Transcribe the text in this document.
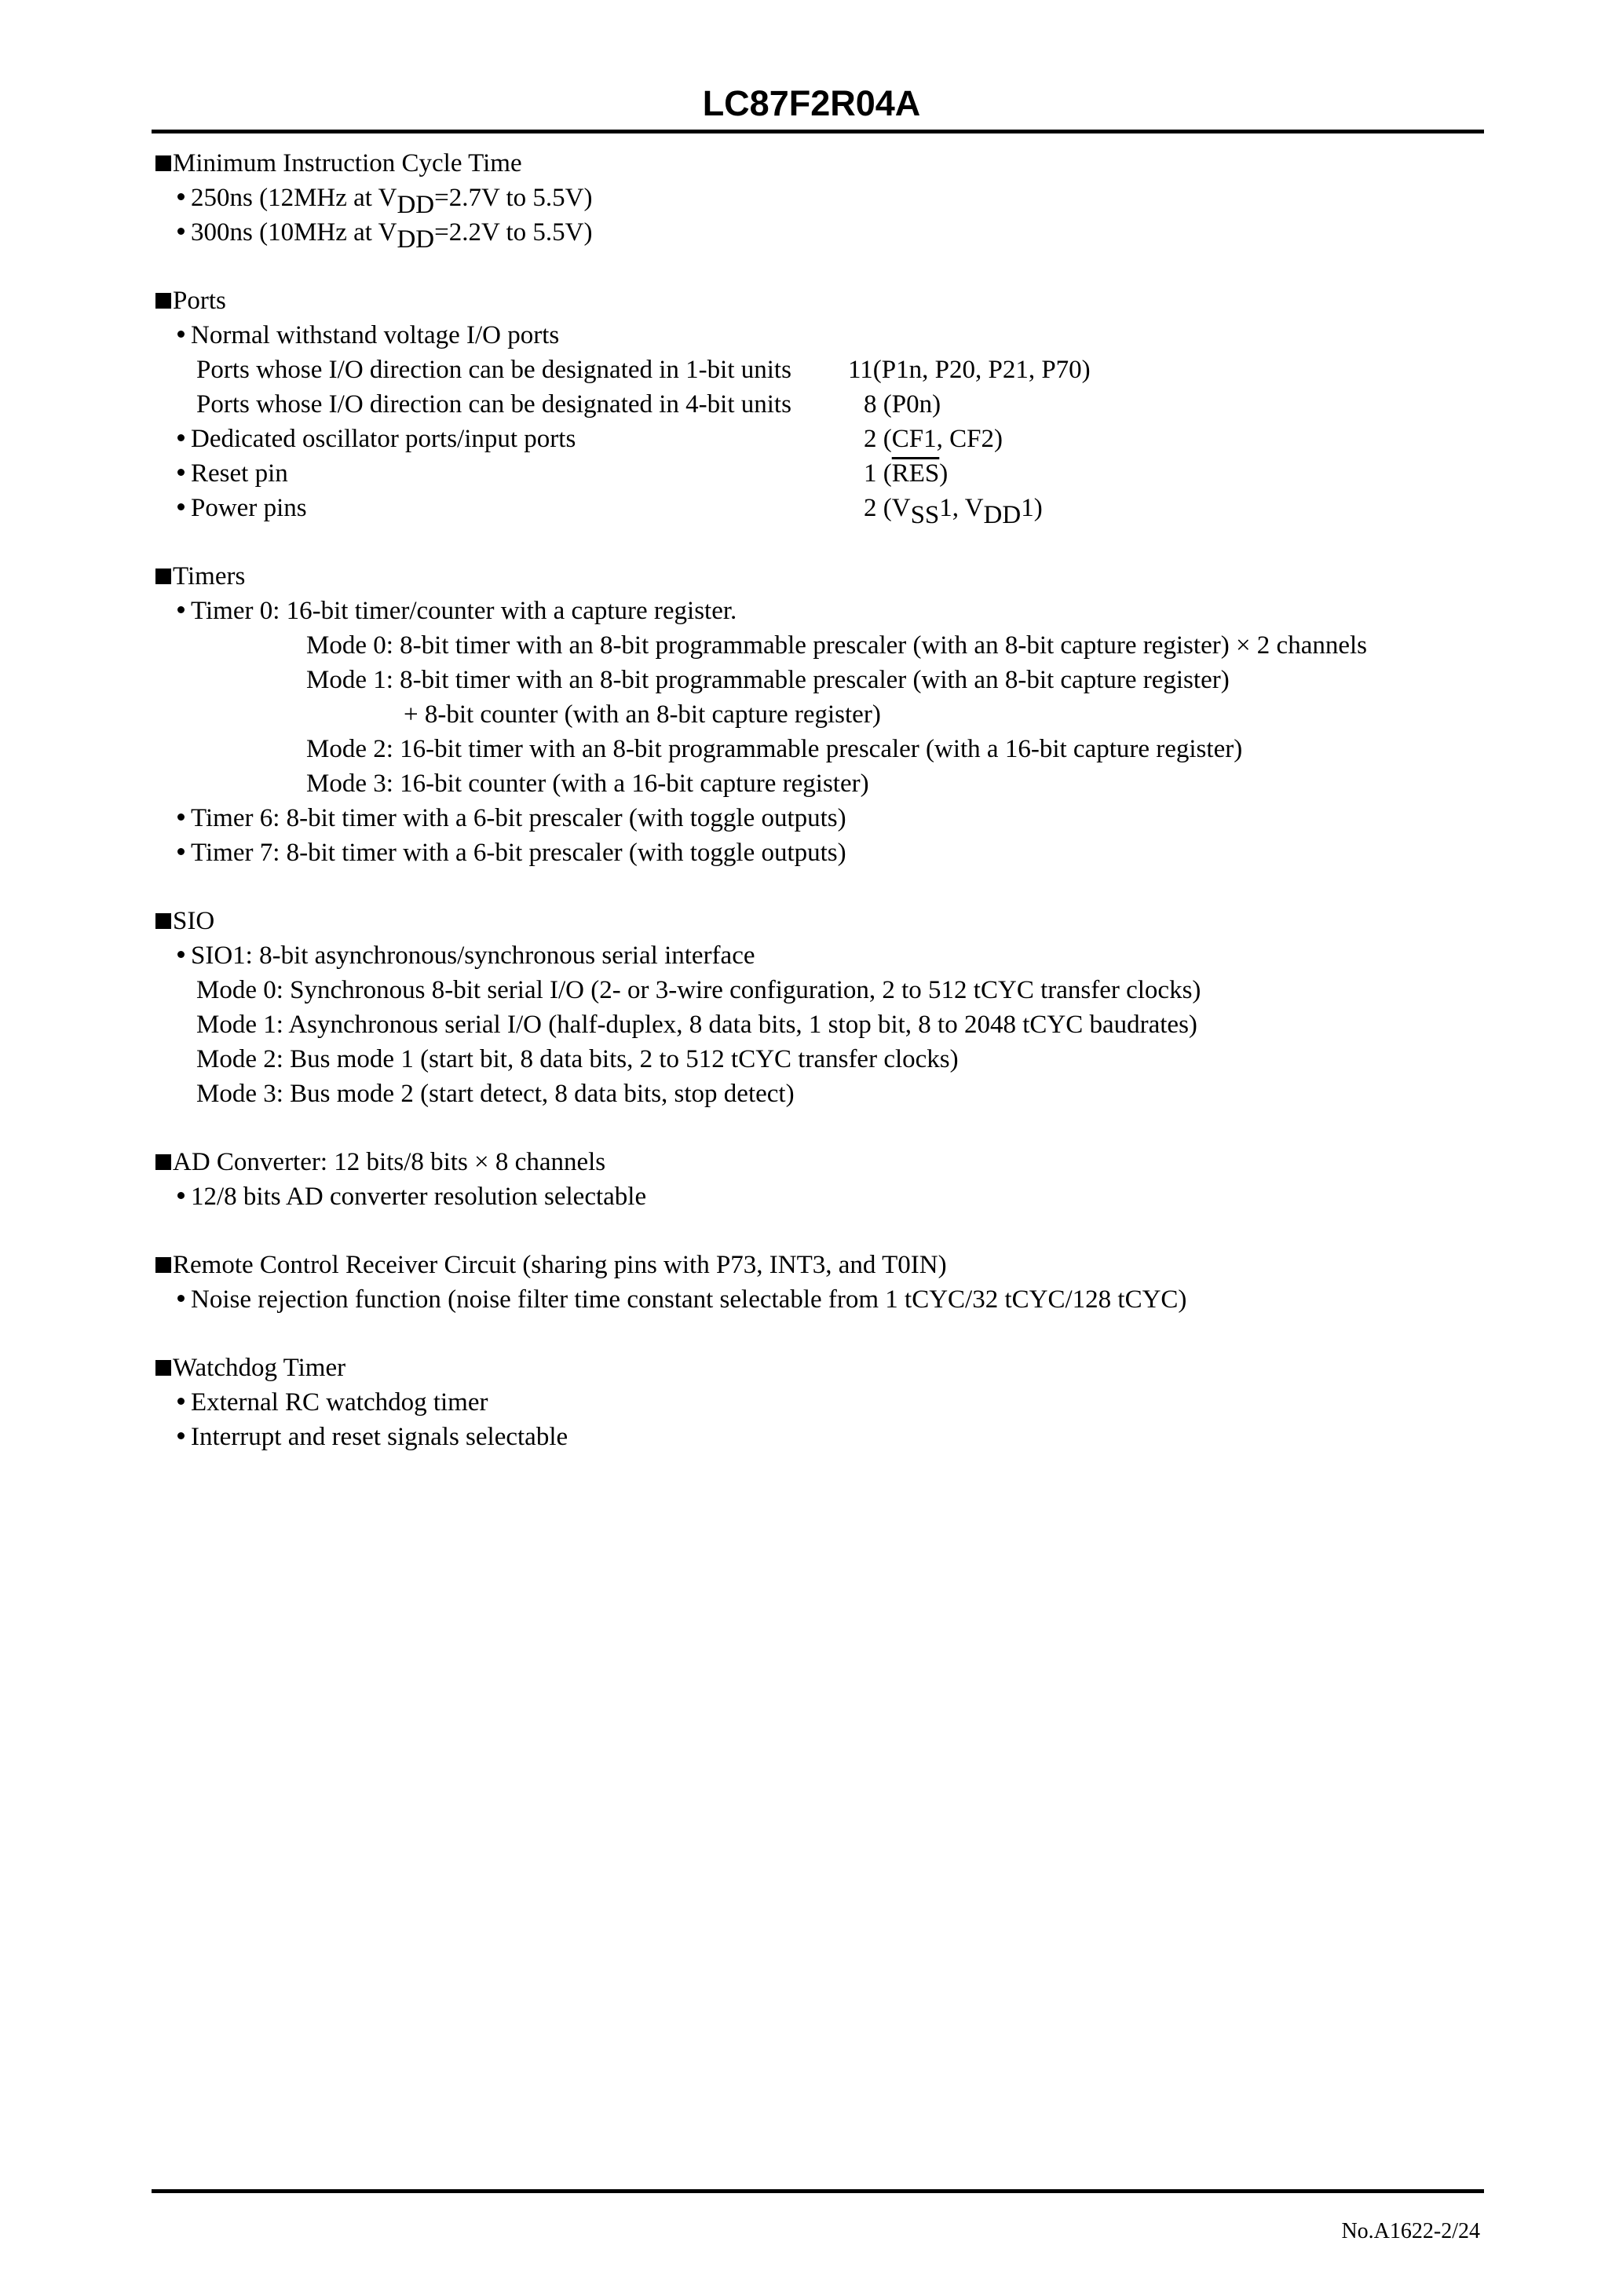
LC87F2R04A
Minimum Instruction Cycle Time
250ns (12MHz at VDD=2.7V to 5.5V)
300ns (10MHz at VDD=2.2V to 5.5V)
Ports
Normal withstand voltage I/O ports
Ports whose I/O direction can be designated in 1-bit units 11(P1n, P20, P21, P70)
Ports whose I/O direction can be designated in 4-bit units	8 (P0n)
Dedicated oscillator ports/input ports	2 (CF1, CF2)
Reset pin	1 $(\overline{RES})$
Power pins	2 (VSS1, VDD1)
Timers
Timer 0: 16-bit timer/counter with a capture register.
Mode 0: 8-bit timer with an 8-bit programmable prescaler (with an 8-bit capture register) × 2 channels
Mode 1: 8-bit timer with an 8-bit programmable prescaler (with an 8-bit capture register)
+ 8-bit counter (with an 8-bit capture register)
Mode 2: 16-bit timer with an 8-bit programmable prescaler (with a 16-bit capture register)
Mode 3: 16-bit counter (with a 16-bit capture register)
Timer 6: 8-bit timer with a 6-bit prescaler (with toggle outputs)
Timer 7: 8-bit timer with a 6-bit prescaler (with toggle outputs)
SIO
SIO1: 8-bit asynchronous/synchronous serial interface
Mode 0: Synchronous 8-bit serial I/O (2- or 3-wire configuration, 2 to 512 tCYC transfer clocks)
Mode 1: Asynchronous serial I/O (half-duplex, 8 data bits, 1 stop bit, 8 to 2048 tCYC baudrates)
Mode 2: Bus mode 1 (start bit, 8 data bits, 2 to 512 tCYC transfer clocks)
Mode 3: Bus mode 2 (start detect, 8 data bits, stop detect)
AD Converter: 12 bits/8 bits × 8 channels
12/8 bits AD converter resolution selectable
Remote Control Receiver Circuit (sharing pins with P73, INT3, and T0IN)
Noise rejection function (noise filter time constant selectable from 1 tCYC/32 tCYC/128 tCYC)
Watchdog Timer
External RC watchdog timer
Interrupt and reset signals selectable
No.A1622-2/24
